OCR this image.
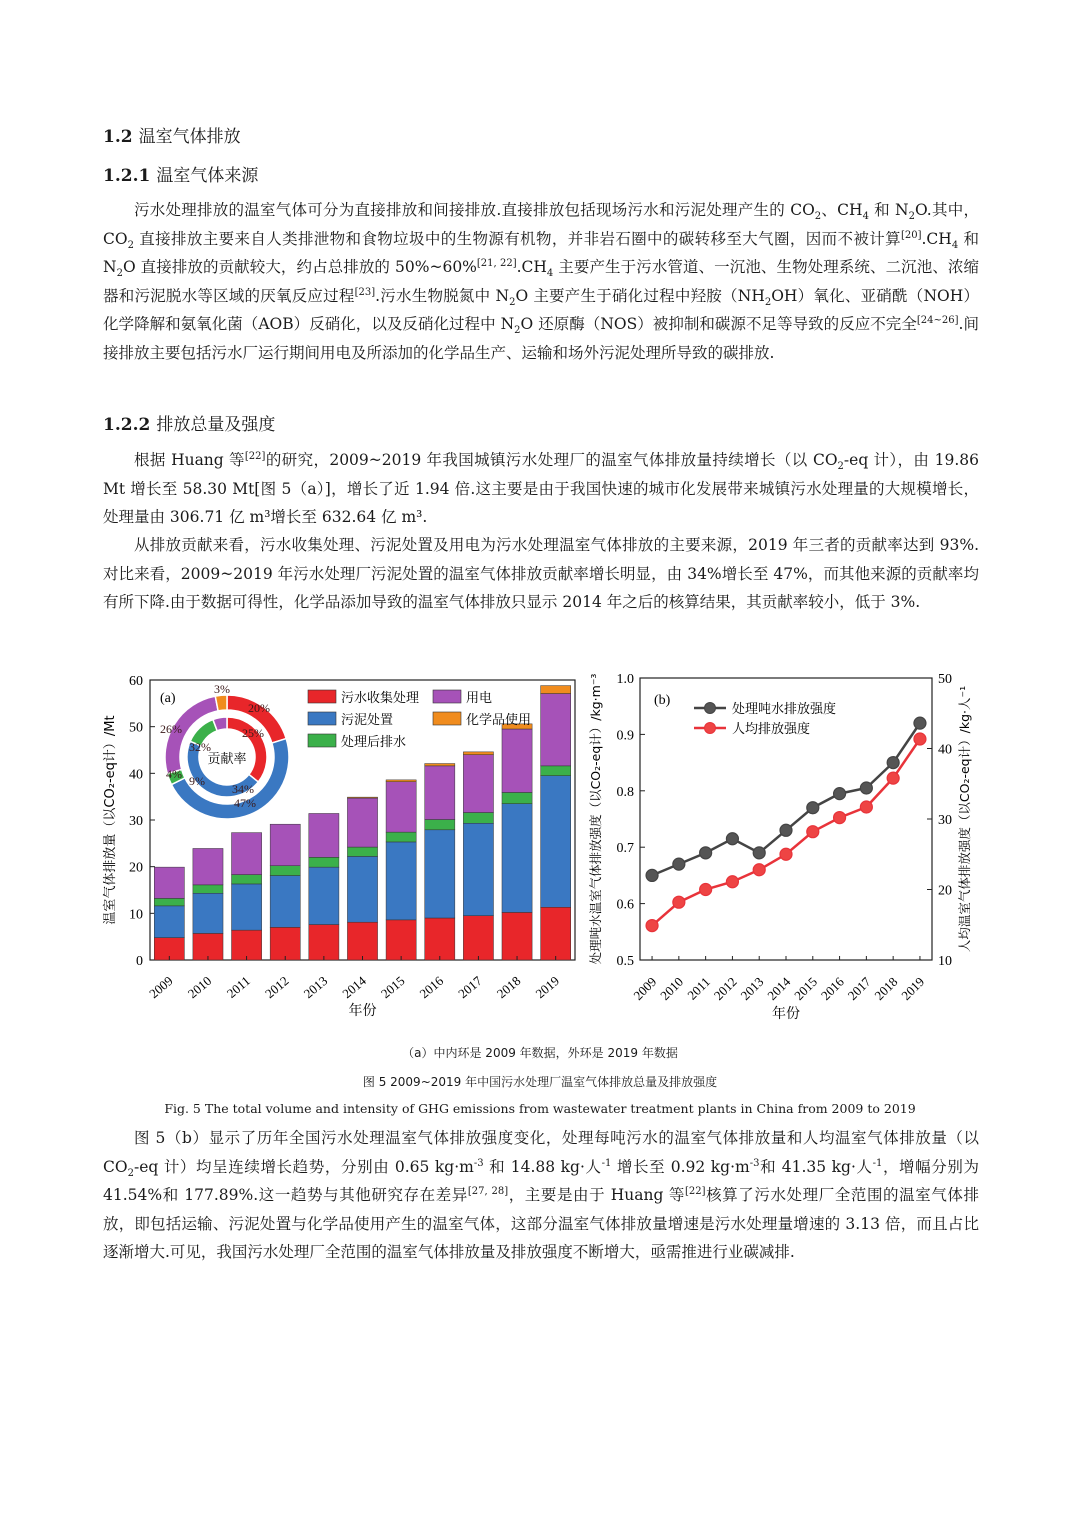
1.2 温室气体排放
1.2.1 温室气体来源

污水处理排放的温室气体可分为直接排放和间接排放.直接排放包括现场污水和污泥处理产生的 $CO_2$、$CH_4$ 和 $N_2O$.其中，$CO_2$ 直接排放主要来自人类排泄物和食物垃圾中的生物源有机物，并非岩石圈中的碳转移至大气圈，因而不被计算$[20].CH_4$ 和 $N_2O$ 直接排放的贡献较大，约占总排放的 $50\%\sim 60\%[21, 22].CH_4$ 主要产生于污水管道、一沉池、生物处理系统、二沉池、浓缩器和污泥脱水等区域的厌氧反应过程[23].污水生物脱氮中 $N_2O$ 主要产生于硝化过程中羟胺$(NH_2OH)$氧化、亚硝酰（NOH）化学降解和氨氧化菌（AOB）反硝化，以及反硝化过程中 $N_2O$ 还原酶（NOS）被抑制和碳源不足等导致的反应不完全[24~26].间接排放主要包括污水厂运行期间用电及所添加的化学品生产、运输和场外污泥处理所导致的碳排放.

1.2.2 排放总量及强度

根据 Huang 等[22]的研究，2009~2019 年我国城镇污水处理厂的温室气体排放量持续增长（以 $CO_2-eq$ 计），由 19.86 Mt 增长至 58.30 Mt[图 5（a）]，增长了近 1.94 倍.这主要是由于我国快速的城市化发展带来城镇污水处理量的大规模增长，处理量由 306.71 亿 m³增长至 632.64 亿 m³.

从排放贡献来看，污水收集处理、污泥处置及用电为污水处理温室气体排放的主要来源，2019 年三者的贡献率达到 93%.对比来看，2009~2019 年污水处理厂污泥处置的温室气体排放贡献率增长明显，由 34%增长至 47%，而其他来源的贡献率均有所下降.由于数据可得性，化学品添加导致的温室气体排放只显示 2014 年之后的核算结果，其贡献率较小，低于 3%.

0
10
20
30
40
50
60
2009 2010 2011 2012 2013 2014 2015 2016 2017 2018 2019
年份
温室气体排放量（以CO₂-eq计）/Mt
(a)
贡献率
20%
47%
3%
26%	25%
32%
9%
4%
34%
污水收集处理	用电
污泥处置	化学品使用
处理后排水
0.5
0.6
0.7
0.8
0.9
1.0
10
20
30
40
50
2009
2010
2011
2012
2013
2014
2015
2016
2017
2018
2019
处理吨水排放强度
人均排放强度
(b)
年份
处理吨水温室气体排放强度（以CO₂-eq计）/kg·m⁻³	人均温室气体排放强度（以CO₂-eq计）/kg·人⁻¹

（a）中内环是 2009 年数据，外环是 2019 年数据

图 5 2009~2019 年中国污水处理厂温室气体排放总量及排放强度

Fig. 5 The total volume and intensity of GHG emissions from wastewater treatment plants in China from 2009 to 2019

图 5（b）显示了历年全国污水处理温室气体排放强度变化，处理每吨污水的温室气体排放量和人均温室气体排放量（以 $CO_2-eq$ 计）均呈连续增长趋势，分别由 0.65 $kg\cdot m^{-3}$ 和 14.88 kg·人$^{-1}$ 增长至 0.92 $kg\cdot m^{-3}$和 41.35 kg·人$^{-1}$，增幅分别为 41.54%和 177.89%.这一趋势与其他研究存在差异[27, 28]，主要是由于 Huang 等[22]核算了污水处理厂全范围的温室气体排放，即包括运输、污泥处置与化学品使用产生的温室气体，这部分温室气体排放量增速是污水处理量增速的 3.13 倍，而且占比逐渐增大.可见，我国污水处理厂全范围的温室气体排放量及排放强度不断增大，亟需推进行业碳减排.
